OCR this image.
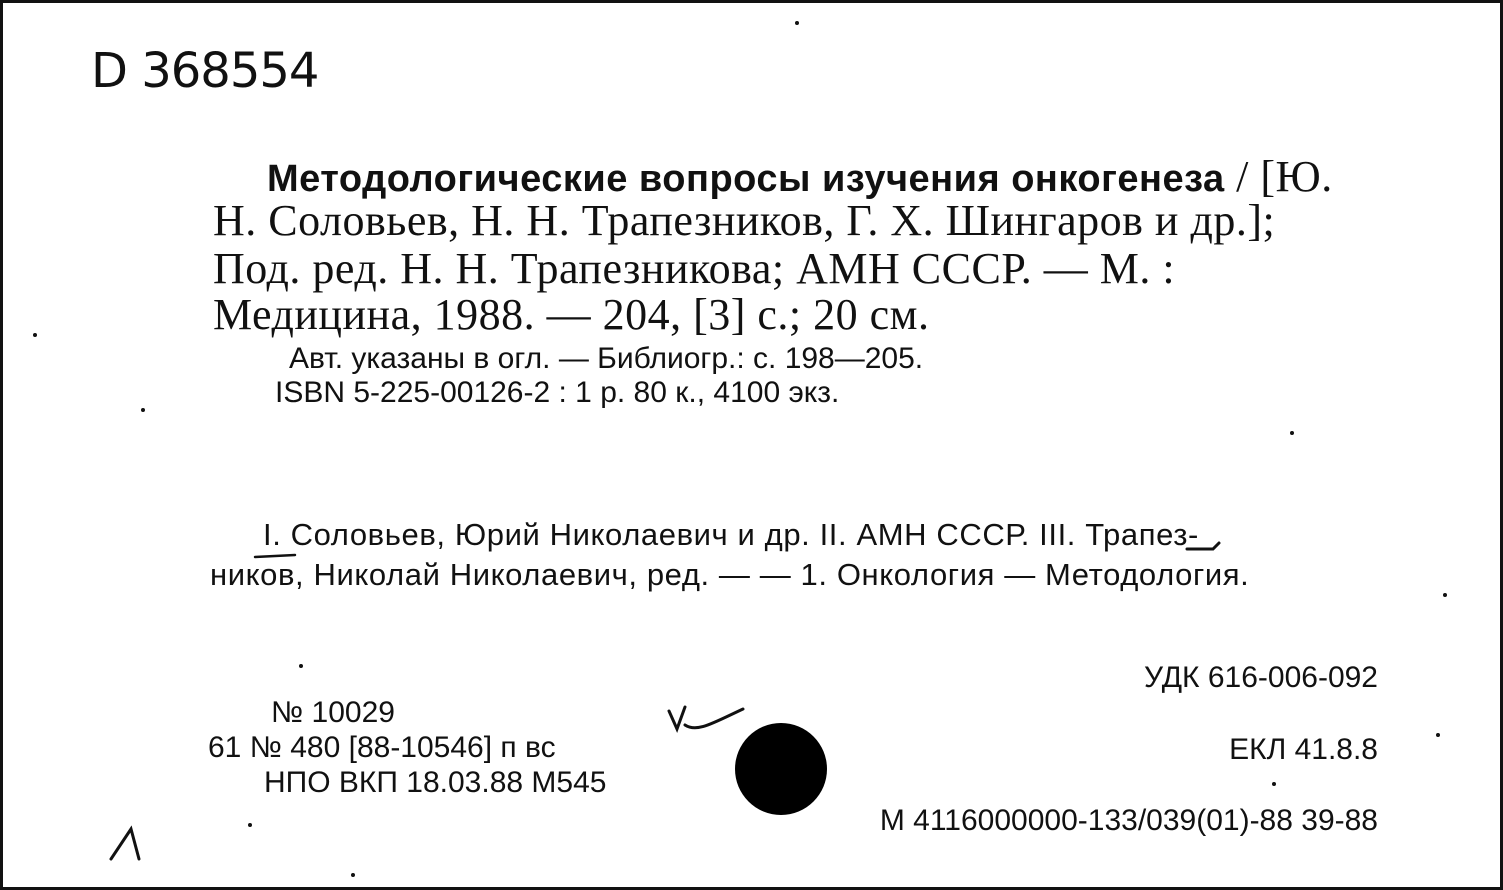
D 368554
Методологические вопросы изучения онкогенеза / [Ю.
Н. Соловьев, Н. Н. Трапезников, Г. Х. Шингаров и др.];
Под. ред. Н. Н. Трапезникова; АМН СССР. — М. :
Медицина, 1988. — 204, [3] с.; 20 см.
Авт. указаны в огл. — Библиогр.: с. 198—205.
ISBN 5-225-00126-2 : 1 р. 80 к., 4100 экз.
I. Соловьев, Юрий Николаевич и др. II. АМН СССР. III. Трапез-
ников, Николай Николаевич, ред. — — 1. Онкология — Методология.
УДК 616-006-092
№ 10029
61 № 480 [88-10546] п вс	ЕКЛ 41.8.8
НПО ВКП 18.03.88 М545
М 4116000000-133/039(01)-88 39-88
